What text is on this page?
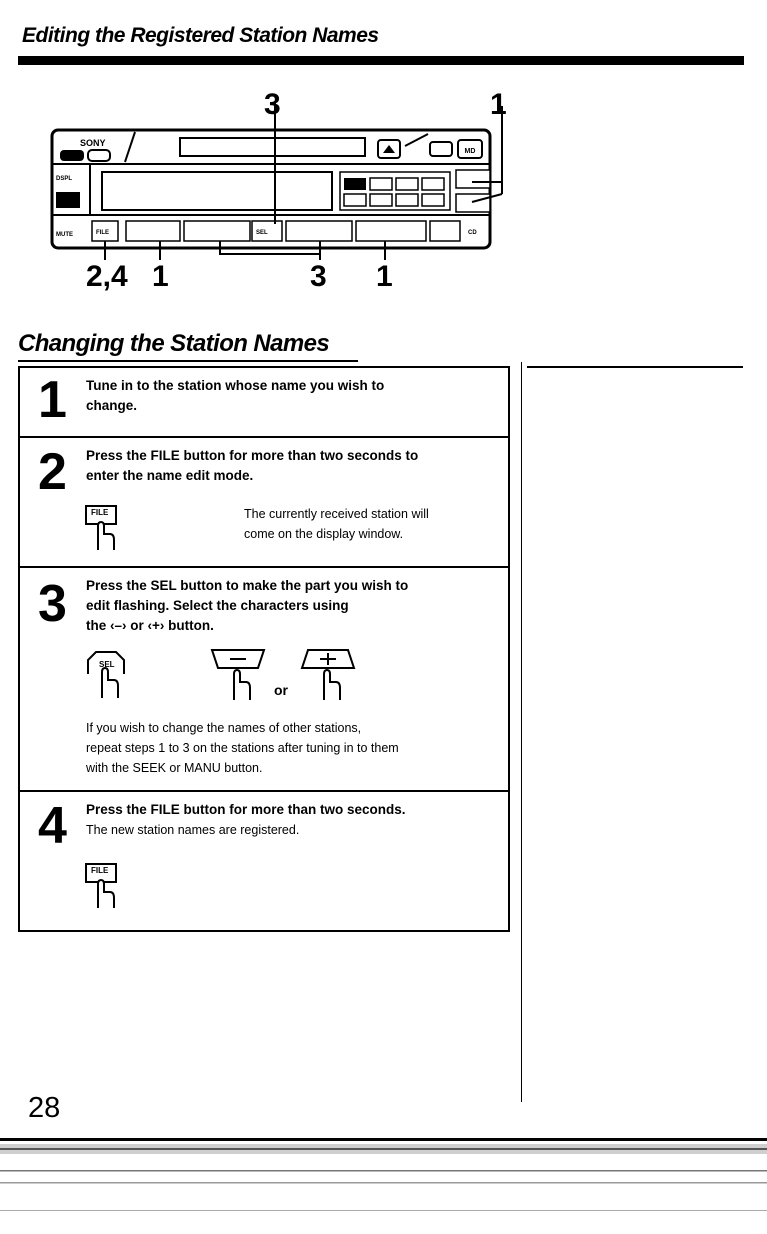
Editing the Registered Station Names
MD
SONY
DSPL
MUTE	FILE	SEL	CD
3	1
2,4 1	3 1
Changing the Station Names
1 Tune in to the station whose name you wish to
change.
2 Press the FILE button for more than two seconds to
enter the name edit mode.
FILE	The currently received station will
come on the display window.
3 Press the SEL button to make the part you wish to
edit flashing. Select the characters using
the ‹–› or ‹+› button.
SEL
or
If you wish to change the names of other stations,
repeat steps 1 to 3 on the stations after tuning in to them
with the SEEK or MANU button.
4 Press the FILE button for more than two seconds.
The new station names are registered.
FILE
28
